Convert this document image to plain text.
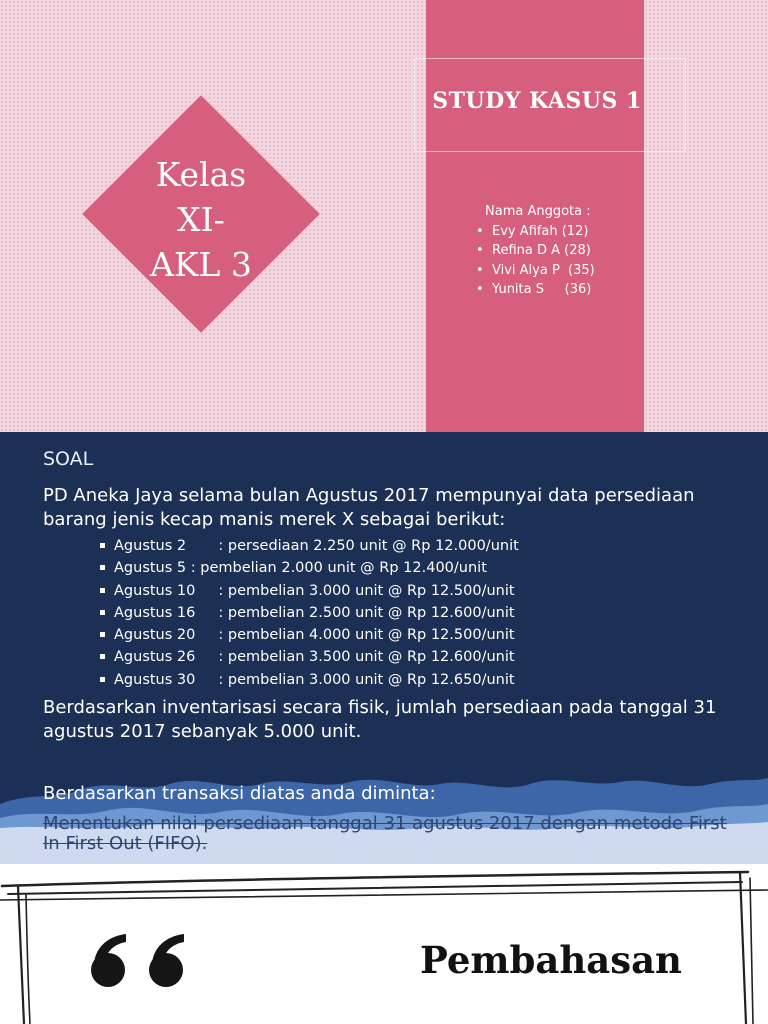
STUDY KASUS 1
Kelas
XI-
AKL 3
Nama Anggota :
• Evy Afifah (12)
• Refina D A (28)
• Vivi Alya P  (35)
• Yunita S     (36)
SOAL
PD Aneka Jaya selama bulan Agustus 2017 mempunyai data persediaan barang jenis kecap manis merek X sebagai berikut:
Agustus 2       : persediaan 2.250 unit @ Rp 12.000/unit
Agustus 5 : pembelian 2.000 unit @ Rp 12.400/unit
Agustus 10     : pembelian 3.000 unit @ Rp 12.500/unit
Agustus 16     : pembelian 2.500 unit @ Rp 12.600/unit
Agustus 20     : pembelian 4.000 unit @ Rp 12.500/unit
Agustus 26     : pembelian 3.500 unit @ Rp 12.600/unit
Agustus 30     : pembelian 3.000 unit @ Rp 12.650/unit
Berdasarkan inventarisasi secara fisik, jumlah persediaan pada tanggal 31 agustus 2017 sebanyak 5.000 unit.
Berdasarkan transaksi diatas anda diminta:
Menentukan nilai persediaan tanggal 31 agustus 2017 dengan metode First In First Out (FIFO).
Pembahasan
